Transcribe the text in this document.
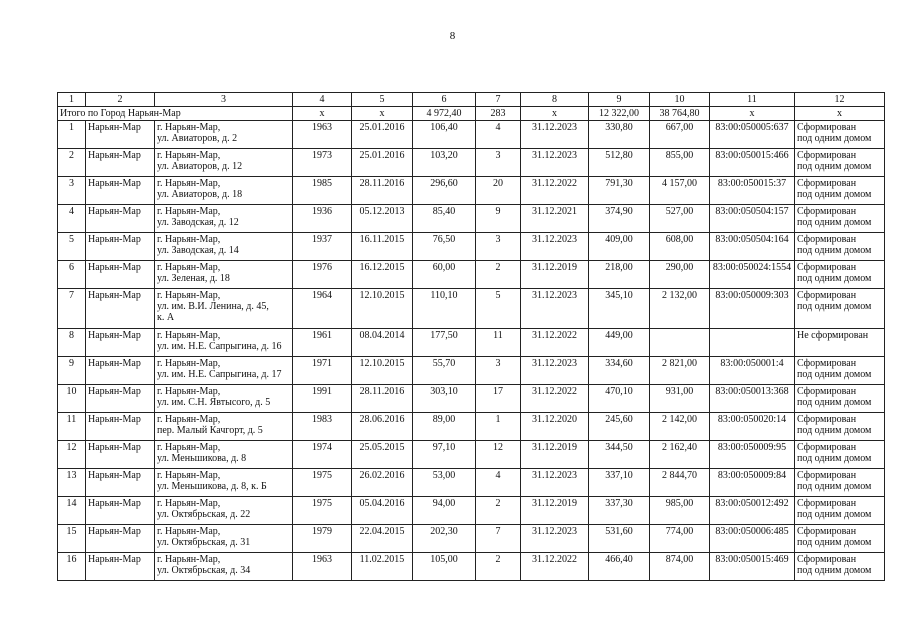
8
1	2	3	4	5	6	7	8	9	10	11	12
Итого по Город Нарьян-Мар			x	x	4 972,40	283	x	12 322,00	38 764,80	x	x
1	Нарьян-Мар	г. Нарьян-Мар,
ул. Авиаторов, д. 2	1963	25.01.2016	106,40	4	31.12.2023	330,80	667,00	83:00:050005:637	Сформирован
под одним домом

2	Нарьян-Мар	г. Нарьян-Мар,
ул. Авиаторов, д. 12	1973	25.01.2016	103,20	3	31.12.2023	512,80	855,00	83:00:050015:466	Сформирован
под одним домом

3	Нарьян-Мар	г. Нарьян-Мар,
ул. Авиаторов, д. 18	1985	28.11.2016	296,60	20	31.12.2022	791,30	4 157,00	83:00:050015:37	Сформирован
под одним домом

4	Нарьян-Мар	г. Нарьян-Мар,
ул. Заводская, д. 12	1936	05.12.2013	85,40	9	31.12.2021	374,90	527,00	83:00:050504:157	Сформирован
под одним домом

5	Нарьян-Мар	г. Нарьян-Мар,
ул. Заводская, д. 14	1937	16.11.2015	76,50	3	31.12.2023	409,00	608,00	83:00:050504:164	Сформирован
под одним домом

6	Нарьян-Мар	г. Нарьян-Мар,
ул. Зеленая, д. 18	1976	16.12.2015	60,00	2	31.12.2019	218,00	290,00	83:00:050024:1554	Сформирован
под одним домом

7	Нарьян-Мар	г. Нарьян-Мар,
ул. им. В.И. Ленина, д. 45,
к. А	1964	12.10.2015	110,10	5	31.12.2023	345,10	2 132,00	83:00:050009:303	Сформирован
под одним домом

8	Нарьян-Мар	г. Нарьян-Мар,
ул. им. Н.Е. Сапрыгина, д. 16	1961	08.04.2014	177,50	11	31.12.2022	449,00			Не сформирован

9	Нарьян-Мар	г. Нарьян-Мар,
ул. им. Н.Е. Сапрыгина, д. 17	1971	12.10.2015	55,70	3	31.12.2023	334,60	2 821,00	83:00:050001:4	Сформирован
под одним домом

10	Нарьян-Мар	г. Нарьян-Мар,
ул. им. С.Н. Явтысого, д. 5	1991	28.11.2016	303,10	17	31.12.2022	470,10	931,00	83:00:050013:368	Сформирован
под одним домом

11	Нарьян-Мар	г. Нарьян-Мар,
пер. Малый Качгорт, д. 5	1983	28.06.2016	89,00	1	31.12.2020	245,60	2 142,00	83:00:050020:14	Сформирован
под одним домом

12	Нарьян-Мар	г. Нарьян-Мар,
ул. Меньшикова, д. 8	1974	25.05.2015	97,10	12	31.12.2019	344,50	2 162,40	83:00:050009:95	Сформирован
под одним домом

13	Нарьян-Мар	г. Нарьян-Мар,
ул. Меньшикова, д. 8, к. Б	1975	26.02.2016	53,00	4	31.12.2023	337,10	2 844,70	83:00:050009:84	Сформирован
под одним домом

14	Нарьян-Мар	г. Нарьян-Мар,
ул. Октябрьская, д. 22	1975	05.04.2016	94,00	2	31.12.2019	337,30	985,00	83:00:050012:492	Сформирован
под одним домом

15	Нарьян-Мар	г. Нарьян-Мар,
ул. Октябрьская, д. 31	1979	22.04.2015	202,30	7	31.12.2023	531,60	774,00	83:00:050006:485	Сформирован
под одним домом

16	Нарьян-Мар	г. Нарьян-Мар,
ул. Октябрьская, д. 34	1963	11.02.2015	105,00	2	31.12.2022	466,40	874,00	83:00:050015:469	Сформирован
под одним домом
